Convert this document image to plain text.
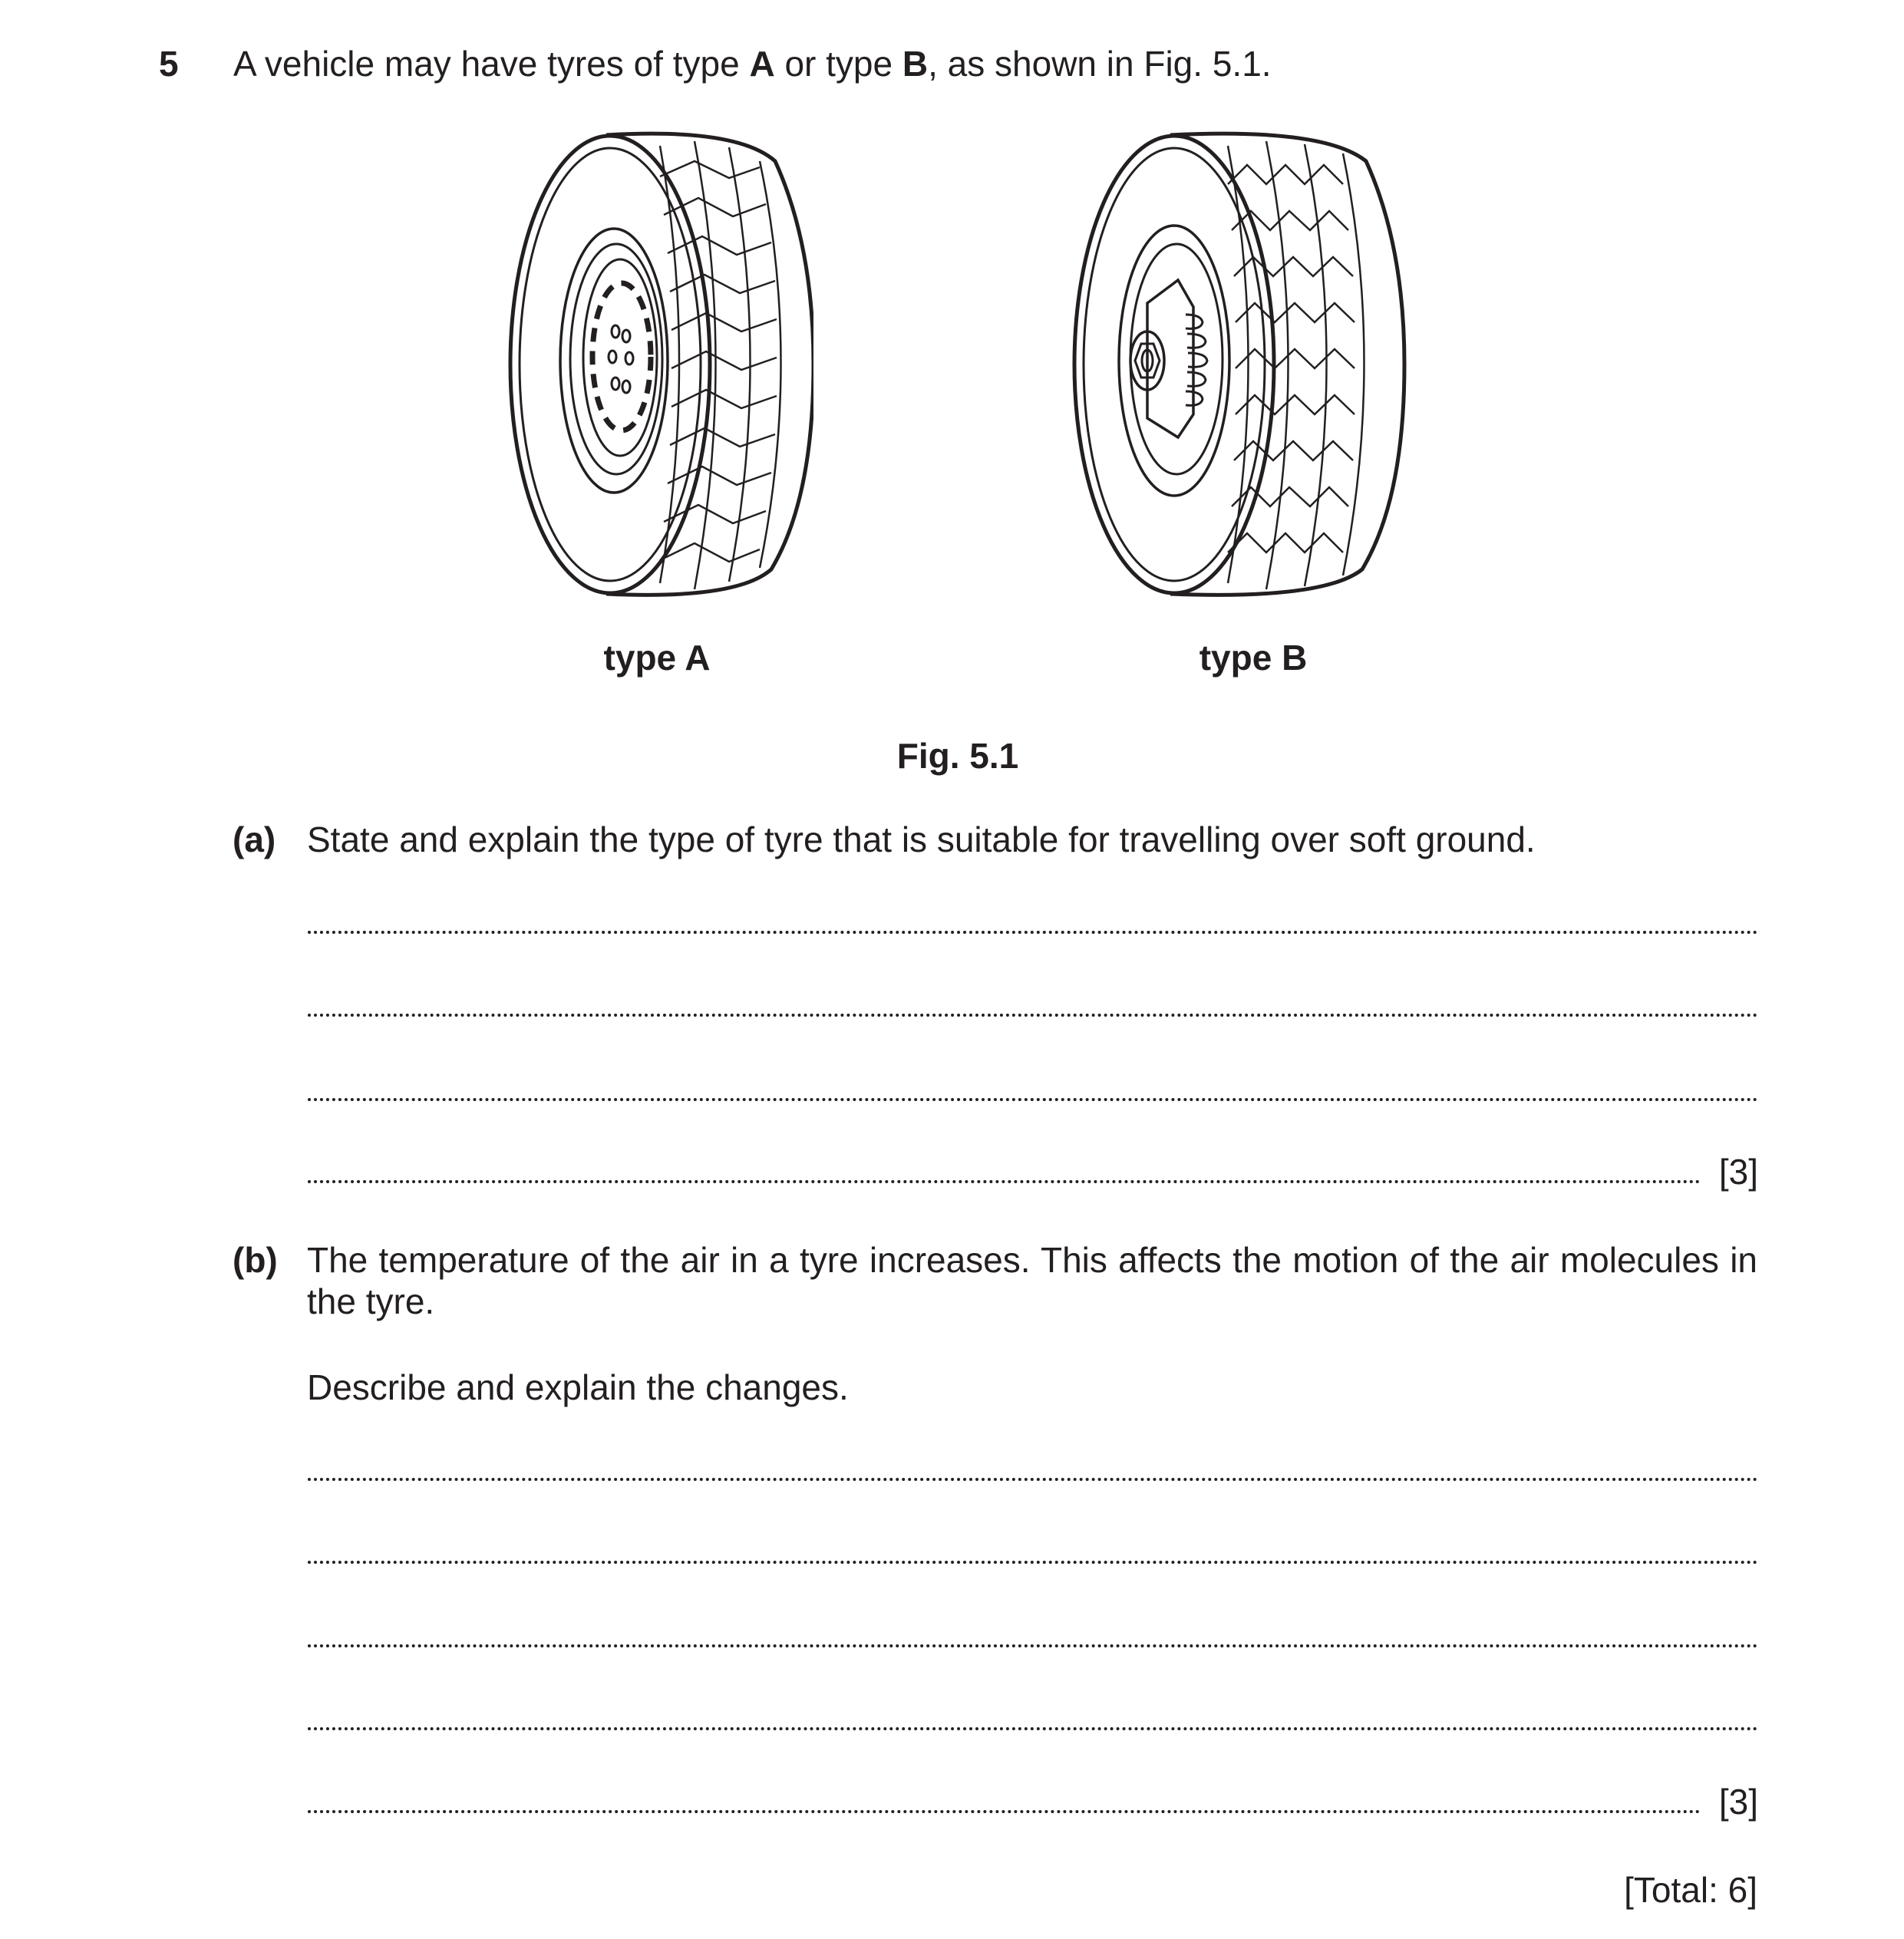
5 A vehicle may have tyres of type A or type B, as shown in Fig. 5.1.
type A	type B
Fig. 5.1
(a) State and explain the type of tyre that is suitable for travelling over soft ground.
[3]
(b) The temperature of the air in a tyre increases. This affects the motion of the air molecules in the tyre.
Describe and explain the changes.
[3]
[Total: 6]
